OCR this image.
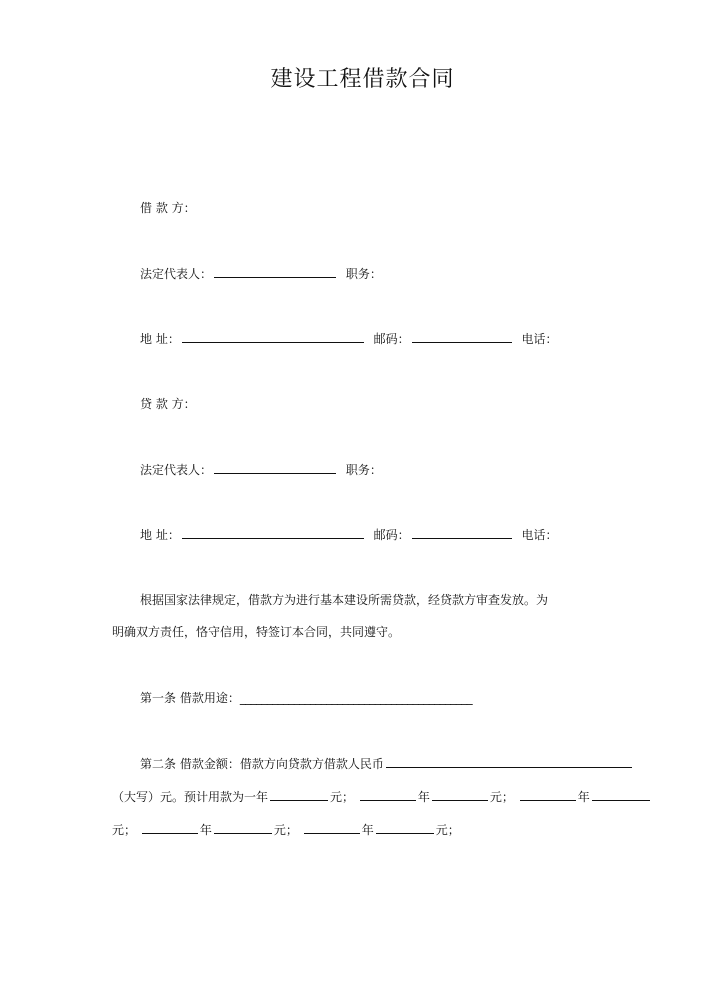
建设工程借款合同
借 款 方：
法定代表人：	职务：
地 址：	邮码：	电话：
贷 款 方：
法定代表人：	职务：
地 址：	邮码：	电话：
根据国家法律规定，借款方为进行基本建设所需贷款，经贷款方审查发放。为
明确双方责任，恪守信用，特签订本合同，共同遵守。
第一条 借款用途：___________________________________________
第二条 借款金额：借款方向贷款方借款人民币
（大写）元。预计用款为一年	元；	年	元；	年
元；	年	元；	年	元；
